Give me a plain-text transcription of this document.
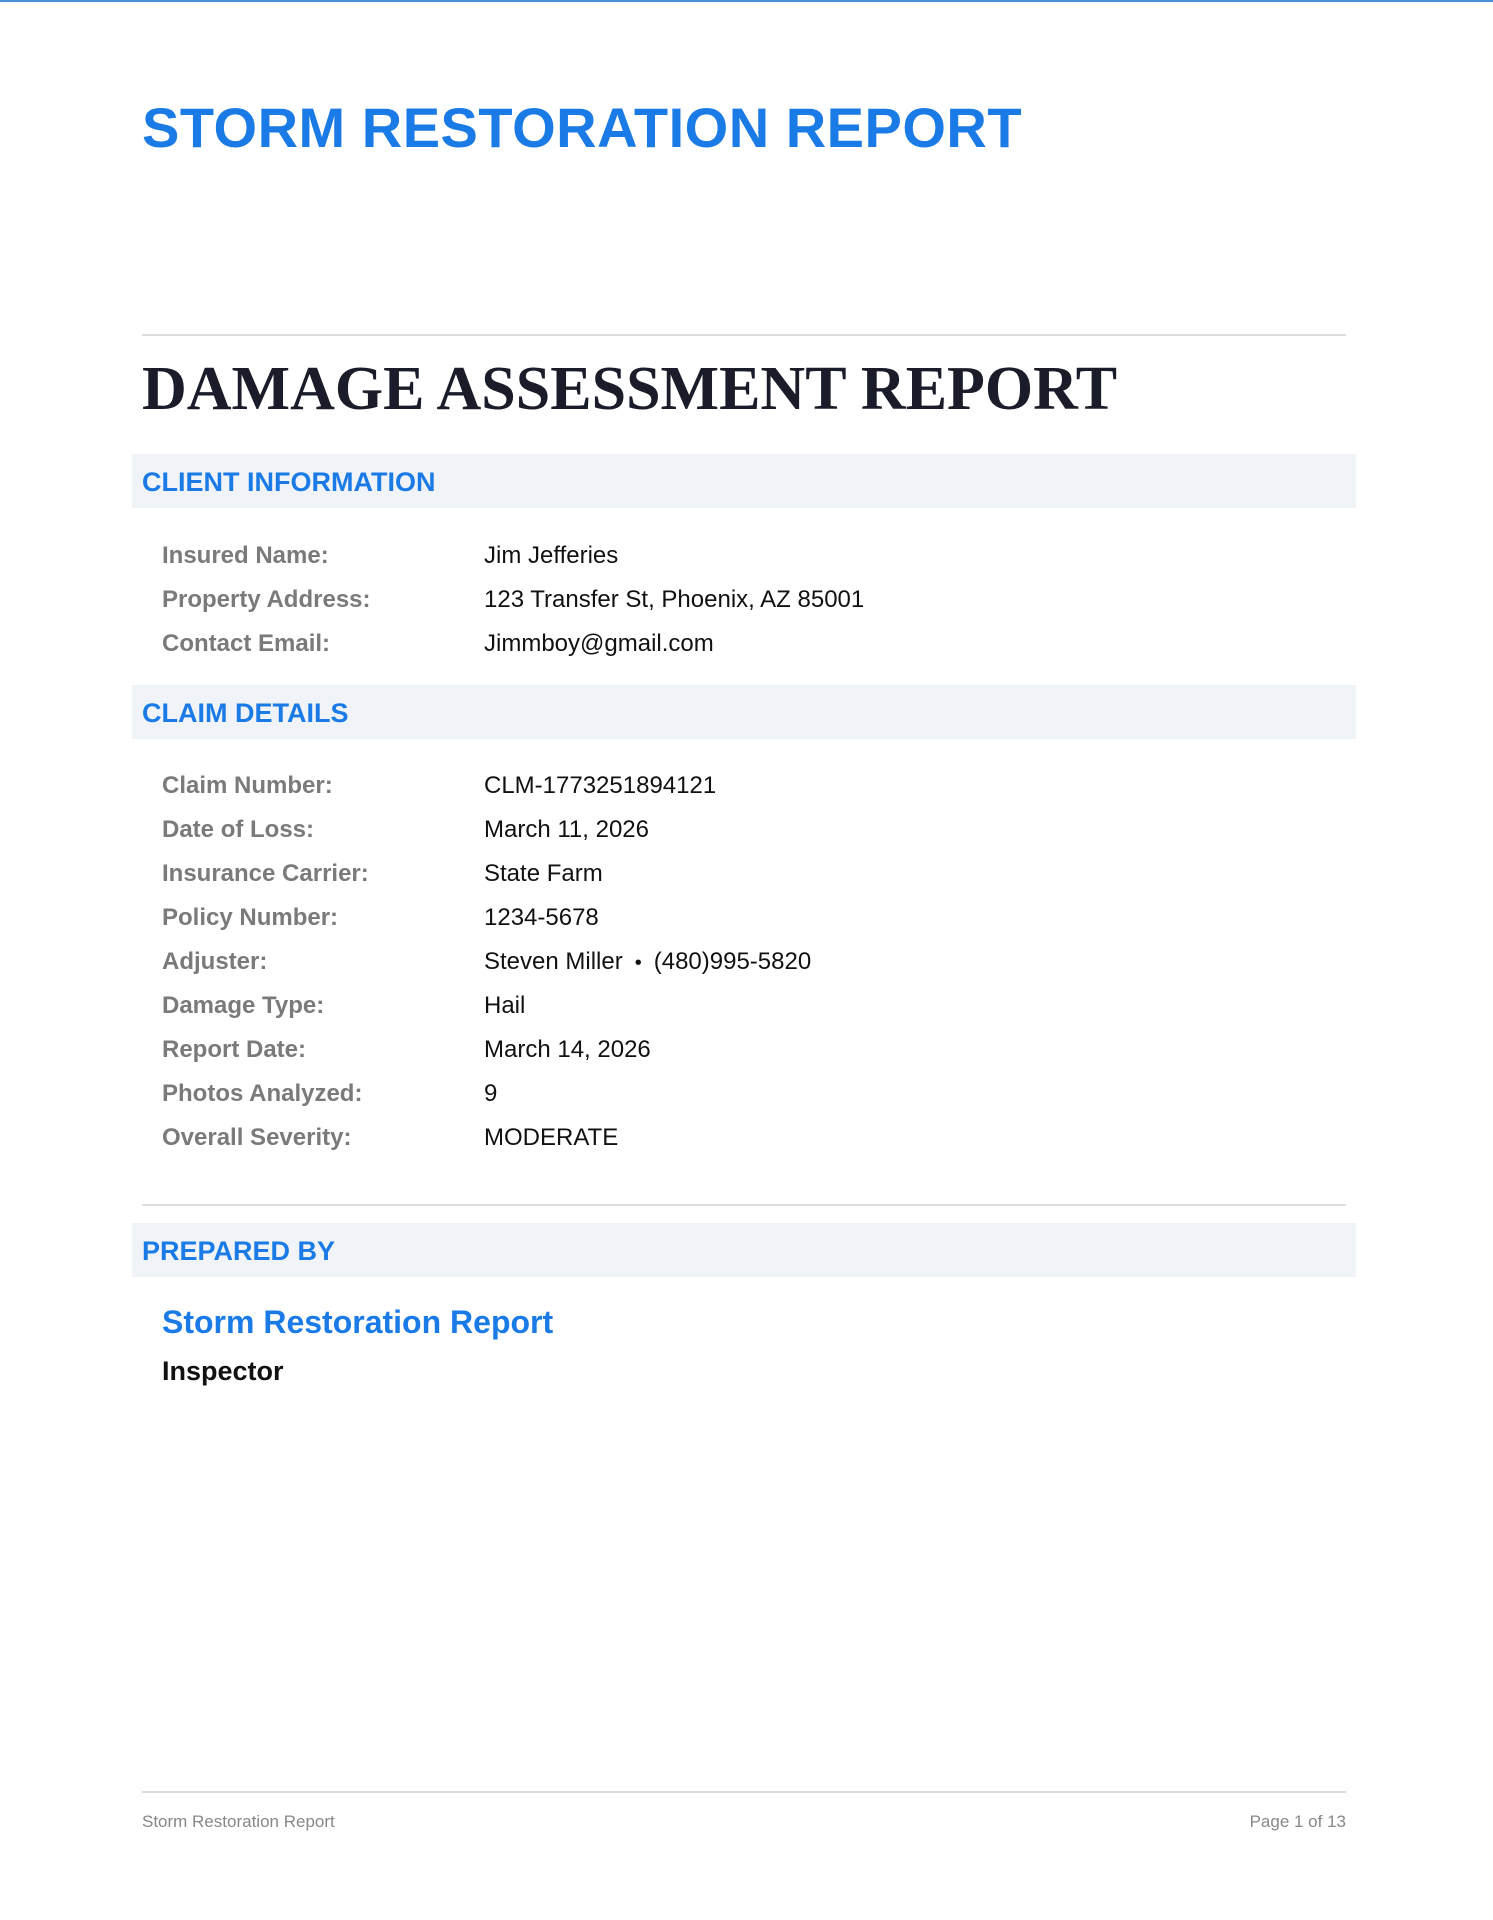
STORM RESTORATION REPORT
DAMAGE ASSESSMENT REPORT
CLIENT INFORMATION
Insured Name:	Jim Jefferies
Property Address:	123 Transfer St, Phoenix, AZ 85001
Contact Email:	Jimmboy@gmail.com
CLAIM DETAILS
Claim Number:	CLM-1773251894121
Date of Loss:	March 11, 2026
Insurance Carrier:	State Farm
Policy Number:	1234-5678
Adjuster:	Steven Miller • (480)995-5820
Damage Type:	Hail
Report Date:	March 14, 2026
Photos Analyzed:	9
Overall Severity:	MODERATE
PREPARED BY
Storm Restoration Report
Inspector
Storm Restoration Report	Page 1 of 13
